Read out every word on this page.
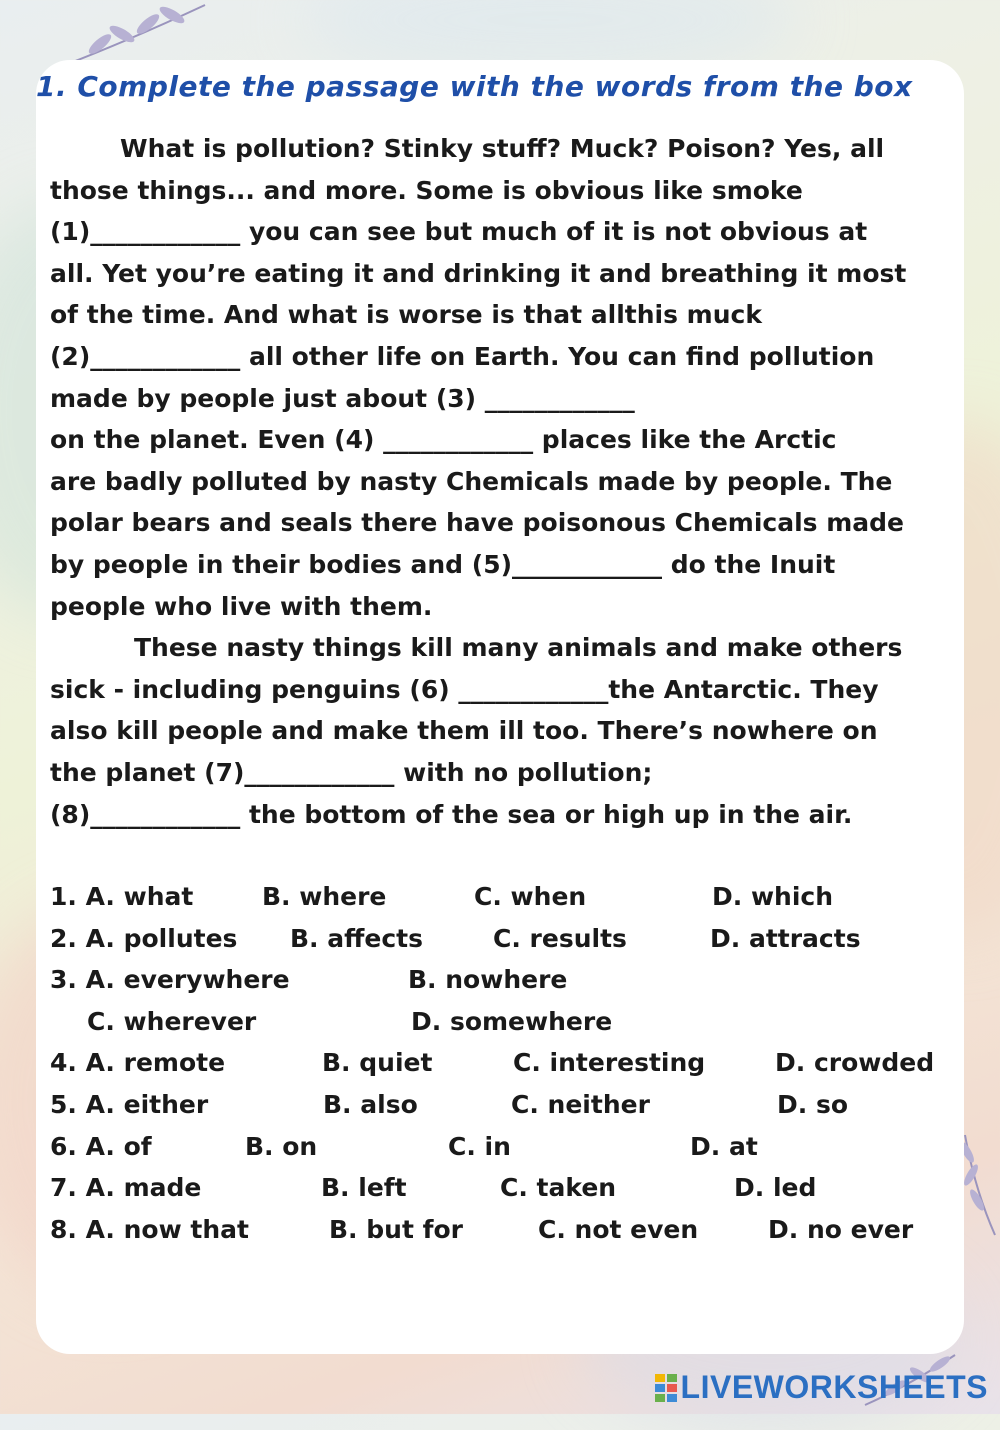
1. Complete the passage with the words from the box
What is pollution? Stinky stuff? Muck? Poison? Yes, all
those things... and more. Some is obvious like smoke
(1)____________ you can see but much of it is not obvious at
all. Yet you’re eating it and drinking it and breathing it most
of the time. And what is worse is that allthis muck
(2)____________ all other life on Earth. You can find pollution
made by people just about (3) ____________
on the planet. Even (4) ____________ places like the Arctic
are badly polluted by nasty Chemicals made by people. The
polar bears and seals there have poisonous Chemicals made
by people in their bodies and (5)____________ do the Inuit
people who live with them.
These nasty things kill many animals and make others
sick - including penguins (6) ____________the Antarctic. They
also kill people and make them ill too. There’s nowhere on
the planet (7)____________ with no pollution;
(8)____________ the bottom of the sea or high up in the air.
1. A. what	B. where	C. when	D. which
2. A. pollutes B. affects	C. results	D. attracts
3. A. everywhere	B. nowhere
C. wherever	D. somewhere
4. A. remote	B. quiet	C. interesting	D. crowded
5. A. either	B. also	C. neither	D. so
6. A. of	B. on	C. in	D. at
7. A. made	B. left	C. taken	D. led
8. A. now that	B. but for	C. not even	D. no ever
LIVEWORKSHEETS
